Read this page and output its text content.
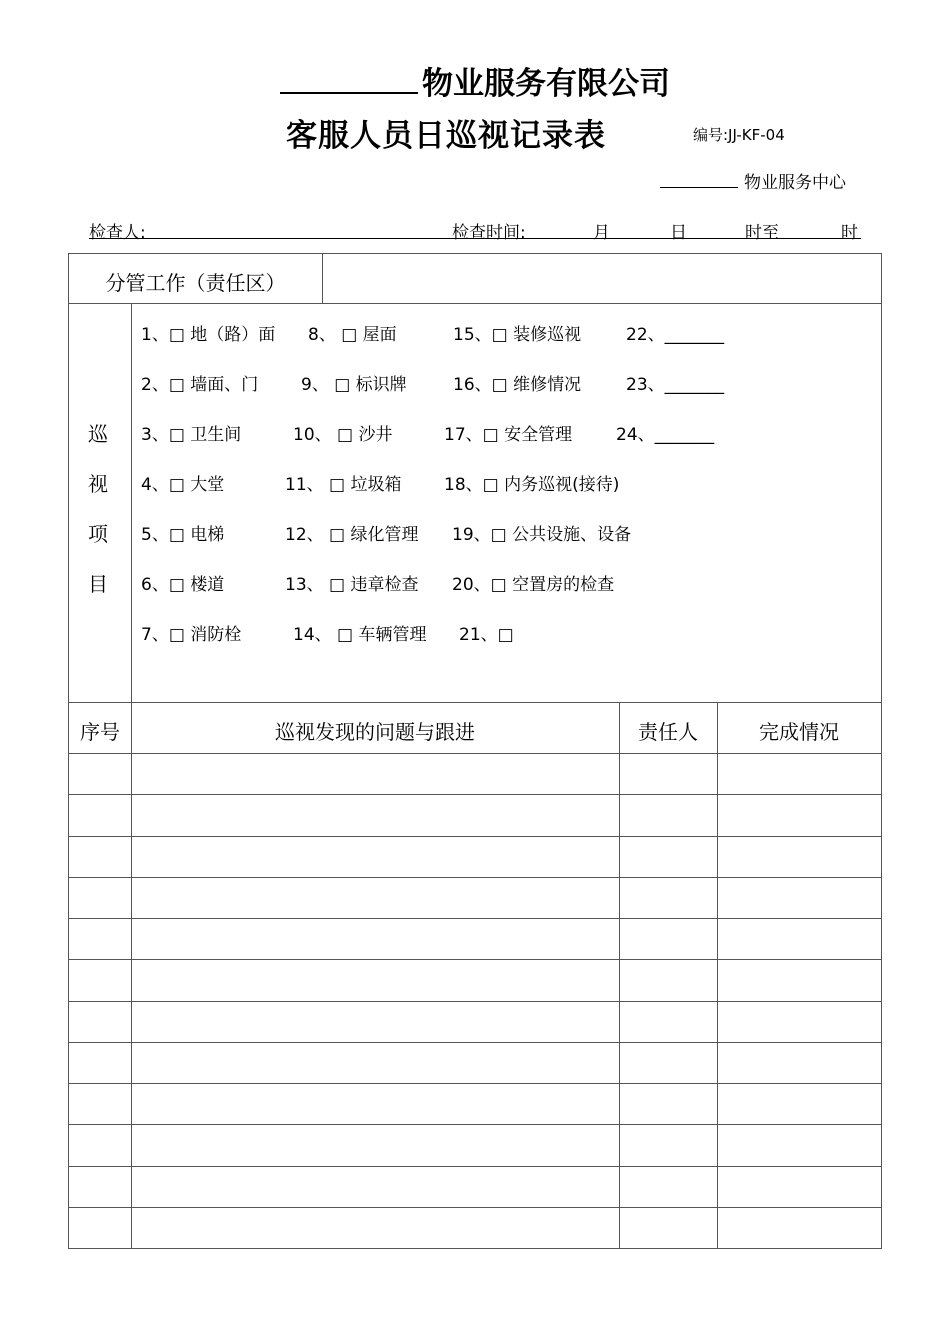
物业服务有限公司
客服人员日巡视记录表	编号:JJ-KF-04
物业服务中心
检查人:	检查时间:	月	日	时至	时
分管工作（责任区）
序号	巡视发现的问题与跟进	责任人	完成情况
巡
视
项
目
1、□ 地（路）面 8、 □ 屋面	15、□ 装修巡视	22、_______
2、□ 墙面、门	9、 □ 标识牌	16、□ 维修情况	23、_______
3、□ 卫生间	10、 □ 沙井	17、□ 安全管理	24、_______
4、□ 大堂	11、 □ 垃圾箱 18、□ 内务巡视(接待)
5、□ 电梯	12、 □ 绿化管理 19、□ 公共设施、设备
6、□ 楼道	13、 □ 违章检查 20、□ 空置房的检查
7、□ 消防栓	14、 □ 车辆管理 21、□
